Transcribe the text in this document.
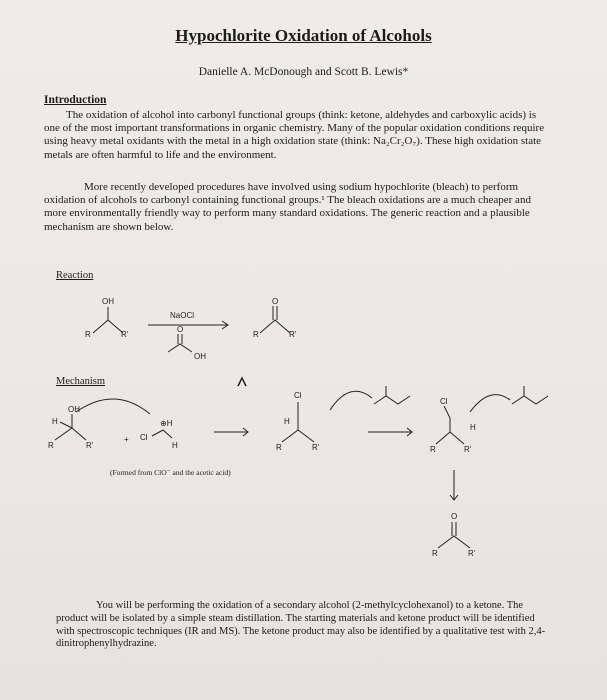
Hypochlorite Oxidation of Alcohols
Danielle A. McDonough and Scott B. Lewis*
Introduction
The oxidation of alcohol into carbonyl functional groups (think: ketone, aldehydes and carboxylic acids) is one of the most important transformations in organic chemistry. Many of the popular oxidation conditions require using heavy metal oxidants with the metal in a high oxidation state (think: Na₂Cr₂O₇). These high oxidation state metals are often harmful to life and the environment.
More recently developed procedures have involved using sodium hypochlorite (bleach) to perform oxidation of alcohols to carbonyl containing functional groups.¹ The bleach oxidations are a much cheaper and more environmentally friendly way to perform many standard oxidations. The generic reaction and a plausible mechanism are shown below.
Reaction
Mechanism
(Formed from ClO⁻ and the acetic acid)
OH
R	R'
NaOCl
O
OH
O
R	R'
OH
H
R	R'
+ Cl
⊕H
H
Cl
H
R	R'
Cl
H
R	R'
O
R	R'
You will be performing the oxidation of a secondary alcohol (2-methylcyclohexanol) to a ketone. The product will be isolated by a simple steam distillation. The starting materials and ketone product will be identified with spectroscopic techniques (IR and MS). The ketone product may also be identified by a qualitative test with 2,4-dinitrophenylhydrazine.
